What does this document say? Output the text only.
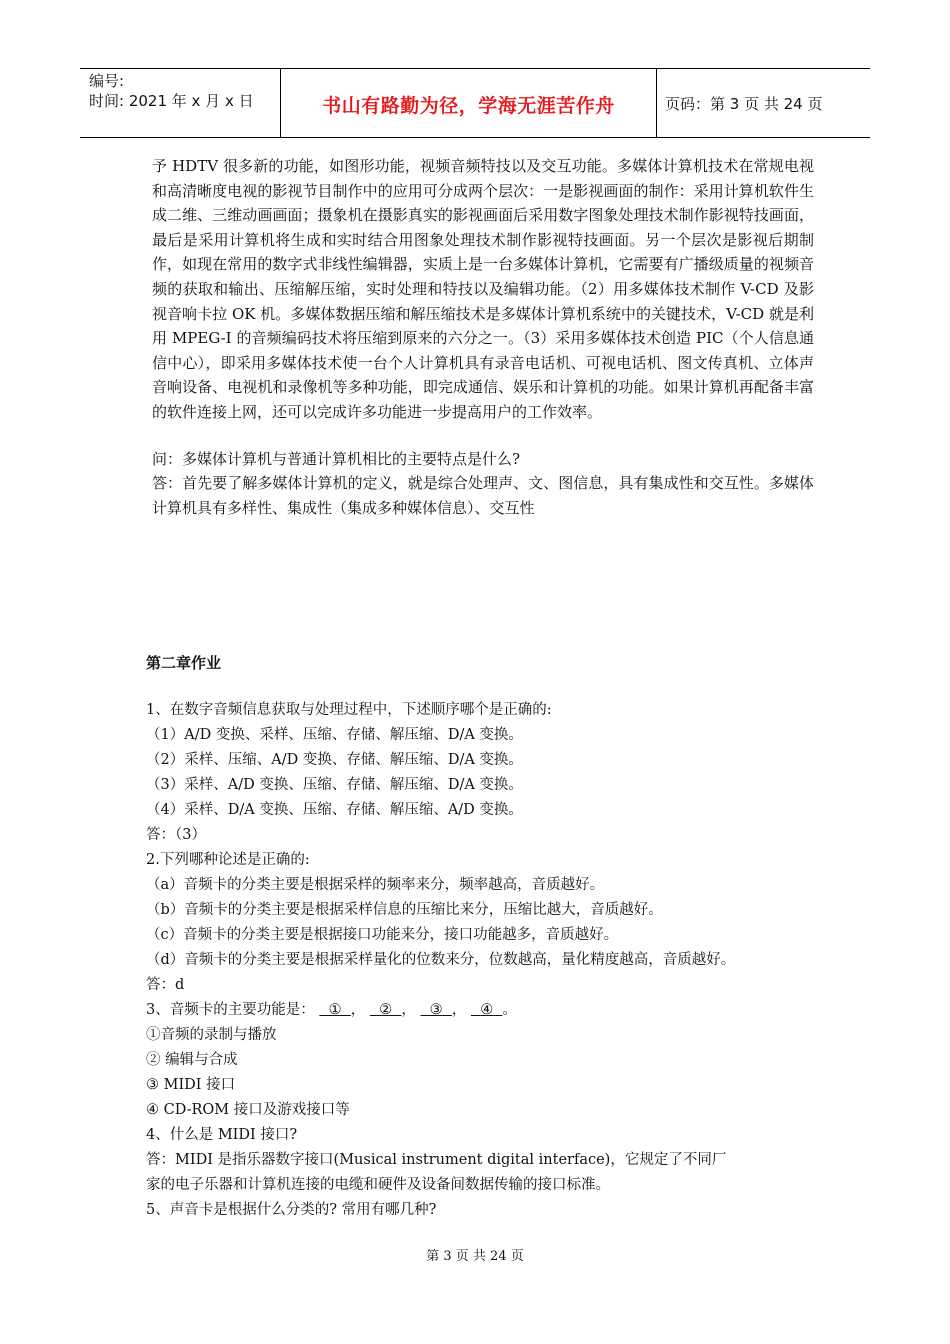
编号:
时间: 2021 年 x 月 x 日	书山有路勤为径，学海无涯苦作舟	页码：第 3 页 共 24 页

予 HDTV 很多新的功能，如图形功能，视频音频特技以及交互功能。多媒体计算机技术在常规电视和高清晰度电视的影视节目制作中的应用可分成两个层次：一是影视画面的制作：采用计算机软件生成二维、三维动画画面；摄象机在摄影真实的影视画面后采用数字图象处理技术制作影视特技画面，最后是采用计算机将生成和实时结合用图象处理技术制作影视特技画面。另一个层次是影视后期制作，如现在常用的数字式非线性编辑器，实质上是一台多媒体计算机，它需要有广播级质量的视频音频的获取和输出、压缩解压缩，实时处理和特技以及编辑功能。（2）用多媒体技术制作 V-CD 及影视音响卡拉 OK 机。多媒体数据压缩和解压缩技术是多媒体计算机系统中的关键技术，V-CD 就是利用 MPEG-I 的音频编码技术将压缩到原来的六分之一。（3）采用多媒体技术创造 PIC（个人信息通信中心），即采用多媒体技术使一台个人计算机具有录音电话机、可视电话机、图文传真机、立体声音响设备、电视机和录像机等多种功能，即完成通信、娱乐和计算机的功能。如果计算机再配备丰富的软件连接上网，还可以完成许多功能进一步提高用户的工作效率。

问：多媒体计算机与普通计算机相比的主要特点是什么?

答：首先要了解多媒体计算机的定义，就是综合处理声、文、图信息，具有集成性和交互性。多媒体计算机具有多样性、集成性（集成多种媒体信息）、交互性

第二章作业
1、在数字音频信息获取与处理过程中，下述顺序哪个是正确的:
（1）A/D 变换、采样、压缩、存储、解压缩、D/A 变换。
（2）采样、压缩、A/D 变换、存储、解压缩、D/A 变换。
（3）采样、A/D 变换、压缩、存储、解压缩、D/A 变换。
（4）采样、D/A 变换、压缩、存储、解压缩、A/D 变换。
答：（3）
2.下列哪种论述是正确的:
（a）音频卡的分类主要是根据采样的频率来分，频率越高，音质越好。
（b）音频卡的分类主要是根据采样信息的压缩比来分，压缩比越大，音质越好。
（c）音频卡的分类主要是根据接口功能来分，接口功能越多，音质越好。
（d）音频卡的分类主要是根据采样量化的位数来分，位数越高，量化精度越高，音质越好。
答：d
3、音频卡的主要功能是： ① ， ② ， ③ ， ④ 。
①音频的录制与播放
② 编辑与合成
③ MIDI 接口
④ CD-ROM 接口及游戏接口等
4、什么是 MIDI 接口?
答：MIDI 是指乐器数字接口(Musical instrument digital interface)，它规定了不同厂
家的电子乐器和计算机连接的电缆和硬件及设备间数据传输的接口标准。
5、声音卡是根据什么分类的? 常用有哪几种?
第 3 页 共 24 页
